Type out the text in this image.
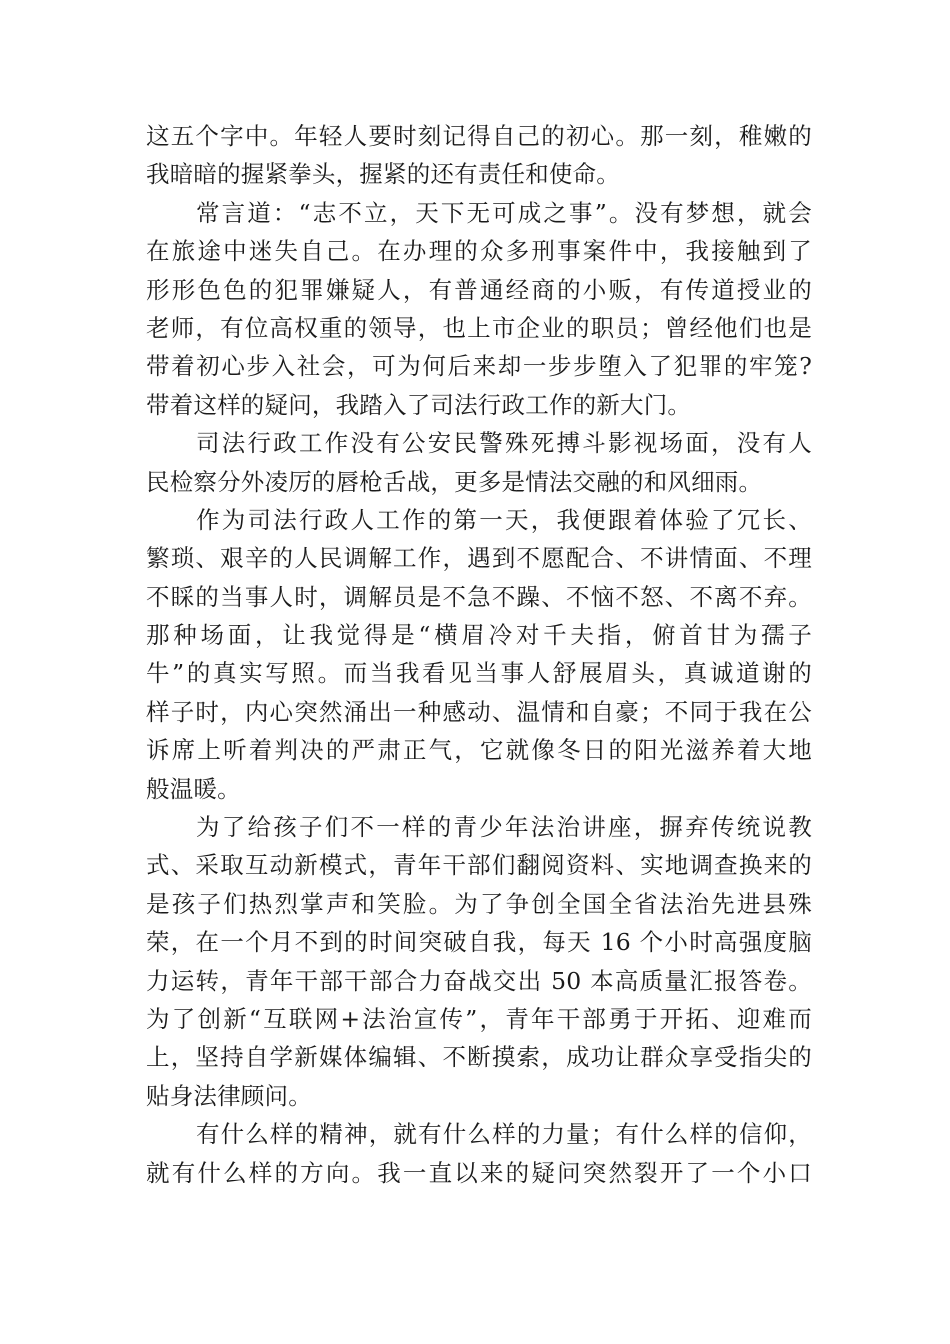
这五个字中。年轻人要时刻记得自己的初心。那一刻，稚嫩的
我暗暗的握紧拳头，握紧的还有责任和使命。
常言道：“志不立，天下无可成之事”。没有梦想，就会
在旅途中迷失自己。在办理的众多刑事案件中，我接触到了
形形色色的犯罪嫌疑人，有普通经商的小贩，有传道授业的
老师，有位高权重的领导，也上市企业的职员；曾经他们也是
带着初心步入社会，可为何后来却一步步堕入了犯罪的牢笼?
带着这样的疑问，我踏入了司法行政工作的新大门。
司法行政工作没有公安民警殊死搏斗影视场面，没有人
民检察分外凌厉的唇枪舌战，更多是情法交融的和风细雨。
作为司法行政人工作的第一天，我便跟着体验了冗长、
繁琐、艰辛的人民调解工作，遇到不愿配合、不讲情面、不理
不睬的当事人时，调解员是不急不躁、不恼不怒、不离不弃。
那种场面，让我觉得是“横眉冷对千夫指，俯首甘为孺子
牛”的真实写照。而当我看见当事人舒展眉头，真诚道谢的
样子时，内心突然涌出一种感动、温情和自豪；不同于我在公
诉席上听着判决的严肃正气，它就像冬日的阳光滋养着大地
般温暖。
为了给孩子们不一样的青少年法治讲座，摒弃传统说教
式、采取互动新模式，青年干部们翻阅资料、实地调查换来的
是孩子们热烈掌声和笑脸。为了争创全国全省法治先进县殊
荣，在一个月不到的时间突破自我，每天 16 个小时高强度脑
力运转，青年干部干部合力奋战交出 50 本高质量汇报答卷。
为了创新“互联网+法治宣传”，青年干部勇于开拓、迎难而
上，坚持自学新媒体编辑、不断摸索，成功让群众享受指尖的
贴身法律顾问。
有什么样的精神，就有什么样的力量；有什么样的信仰，
就有什么样的方向。我一直以来的疑问突然裂开了一个小口
